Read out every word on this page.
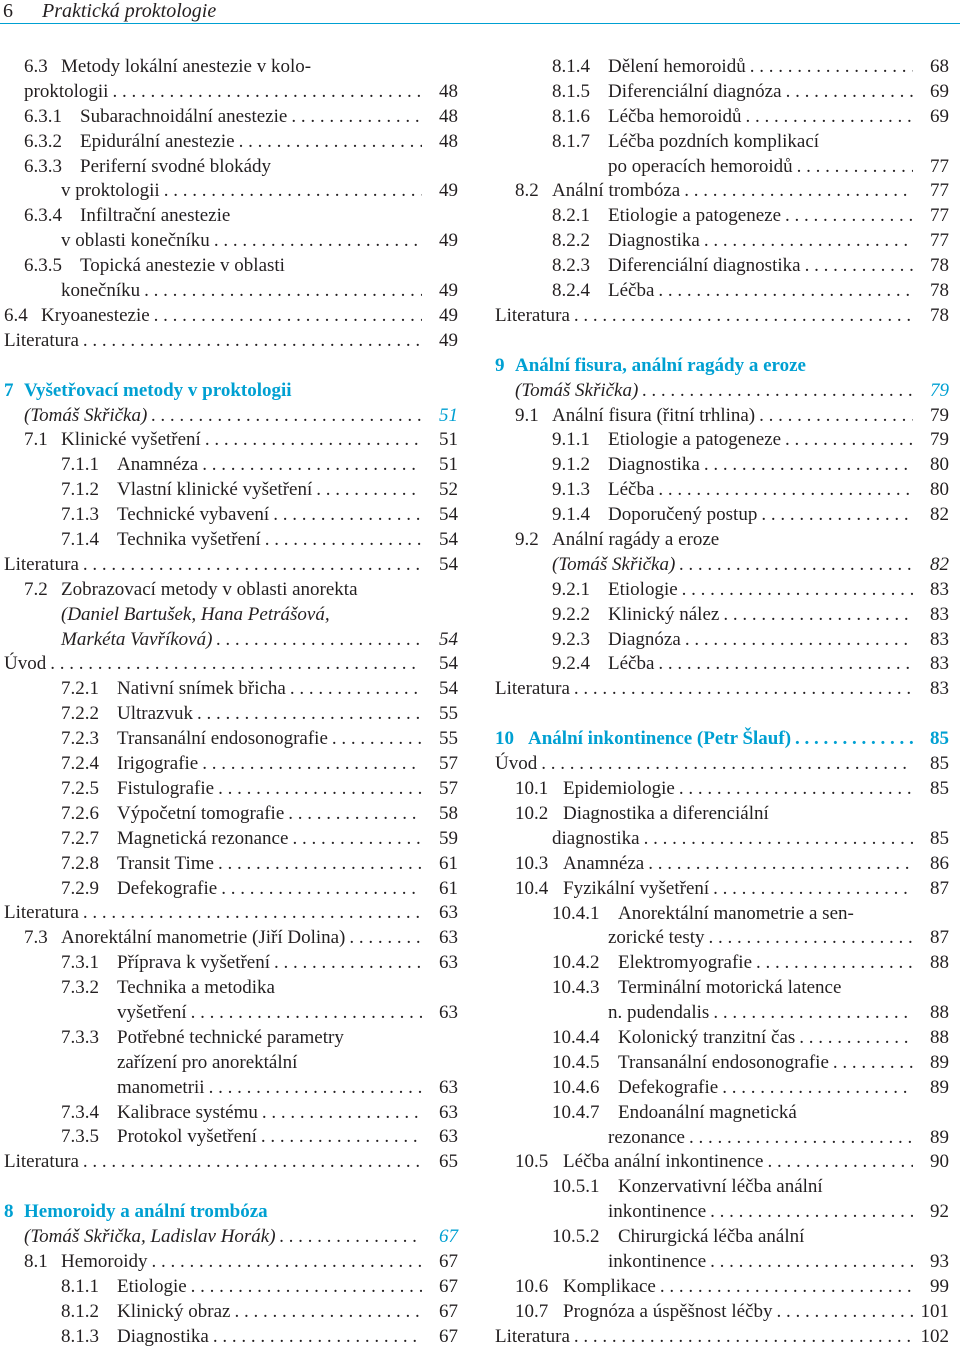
6 Praktická proktologie
6.3 Metody lokální anestezie v kolo-
proktologii . . .	48
6.3.1 Subarachnoidální anestezie . . .	48
6.3.2 Epidurální anestezie . . .	48
6.3.3 Periferní svodné blokády
v proktologii . . .	49
6.3.4 Infiltrační anestezie
v oblasti konečníku . . .	49
6.3.5 Topická anestezie v oblasti
konečníku . . .	49
6.4 Kryoanestezie . . .	49
Literatura . . .	49
7 Vyšetřovací metody v proktologii
(Tomáš Skřička) . . .	51
7.1 Klinické vyšetření . . .	51
7.1.1 Anamnéza . . .	51
7.1.2 Vlastní klinické vyšetření . . .	52
7.1.3 Technické vybavení . . .	54
7.1.4 Technika vyšetření . . .	54
Literatura . . .	54
7.2 Zobrazovací metody v oblasti anorekta
(Daniel Bartušek, Hana Petrášová,
Markéta Vavříková) . . .	54
Úvod . . .	54
7.2.1 Nativní snímek břicha . . .	54
7.2.2 Ultrazvuk . . .	55
7.2.3 Transanální endosonografie . . .	55
7.2.4 Irigografie . . .	57
7.2.5 Fistulografie . . .	57
7.2.6 Výpočetní tomografie . . .	58
7.2.7 Magnetická rezonance . . .	59
7.2.8 Transit Time . . .	61
7.2.9 Defekografie . . .	61
Literatura . . .	63
7.3 Anorektální manometrie (Jiří Dolina) . . .	63
7.3.1 Příprava k vyšetření . . .	63
7.3.2 Technika a metodika
vyšetření . . .	63
7.3.3 Potřebné technické parametry
zařízení pro anorektální
manometrii . . .	63
7.3.4 Kalibrace systému . . .	63
7.3.5 Protokol vyšetření . . .	63
Literatura . . .	65
8 Hemoroidy a anální trombóza
(Tomáš Skřička, Ladislav Horák) . . .	67
8.1 Hemoroidy . . .	67
8.1.1 Etiologie . . .	67
8.1.2 Klinický obraz . . .	67
8.1.3 Diagnostika . . .	67
8.1.4 Dělení hemoroidů . . .	68
8.1.5 Diferenciální diagnóza . . .	69
8.1.6 Léčba hemoroidů . . .	69
8.1.7 Léčba pozdních komplikací
po operacích hemoroidů . . .	77
8.2 Anální trombóza . . .	77
8.2.1 Etiologie a patogeneze . . .	77
8.2.2 Diagnostika . . .	77
8.2.3 Diferenciální diagnostika . . .	78
8.2.4 Léčba . . .	78
Literatura . . .	78
9 Anální fisura, anální ragády a eroze
(Tomáš Skřička) . . .	79
9.1 Anální fisura (řitní trhlina) . . .	79
9.1.1 Etiologie a patogeneze . . .	79
9.1.2 Diagnostika . . .	80
9.1.3 Léčba . . .	80
9.1.4 Doporučený postup . . .	82
9.2 Anální ragády a eroze
(Tomáš Skřička) . . .	82
9.2.1 Etiologie . . .	83
9.2.2 Klinický nález . . .	83
9.2.3 Diagnóza . . .	83
9.2.4 Léčba . . .	83
Literatura . . .	83
10 Anální inkontinence (Petr Šlauf) . . .	85
Úvod . . .	85
10.1 Epidemiologie . . .	85
10.2 Diagnostika a diferenciální
diagnostika . . .	85
10.3 Anamnéza . . .	86
10.4 Fyzikální vyšetření . . .	87
10.4.1 Anorektální manometrie a sen-
zorické testy . . .	87
10.4.2 Elektromyografie . . .	88
10.4.3 Terminální motorická latence
n. pudendalis . . .	88
10.4.4 Kolonický tranzitní čas . . .	88
10.4.5 Transanální endosonografie . . .	89
10.4.6 Defekografie . . .	89
10.4.7 Endoanální magnetická
rezonance . . .	89
10.5 Léčba anální inkontinence . . .	90
10.5.1 Konzervativní léčba anální
inkontinence . . .	92
10.5.2 Chirurgická léčba anální
inkontinence . . .	93
10.6 Komplikace . . .	99
10.7 Prognóza a úspěšnost léčby . . .	101
Literatura . . .	102
